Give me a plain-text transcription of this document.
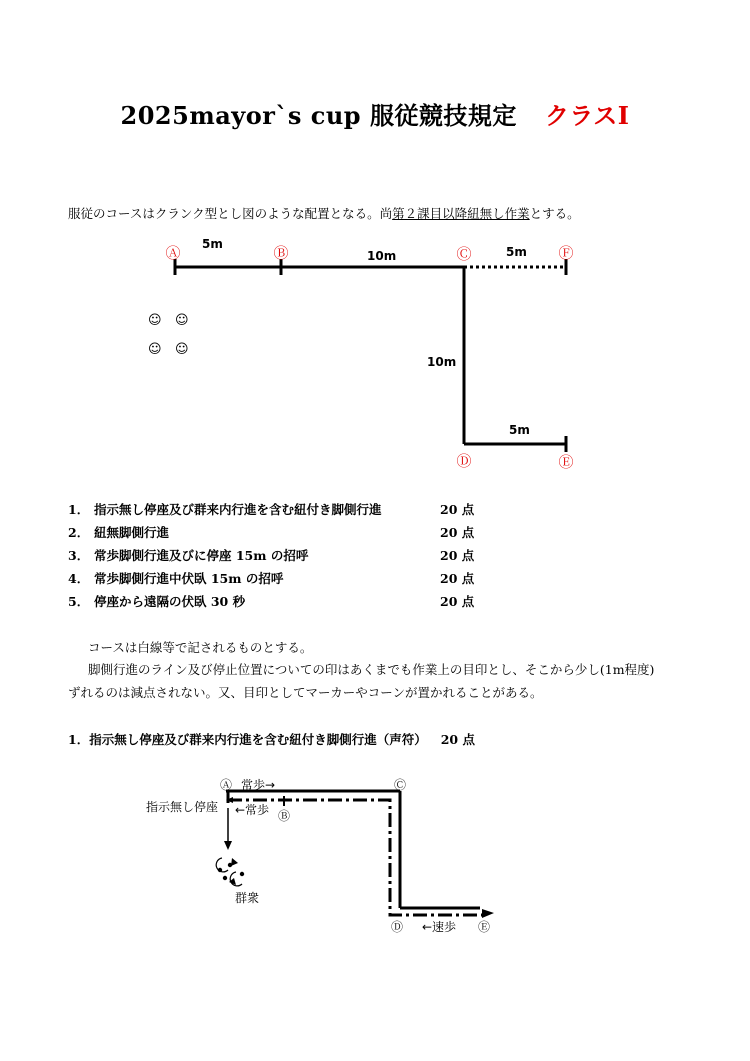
2025mayor`s cup 服従競技規定 クラスⅠ
服従のコースはクランク型とし図のような配置となる。尚第２課目以降紐無し作業とする。
Ⓐ	Ⓑ	Ⓒ	Ⓕ
Ⓓ	Ⓔ
5m
10m	5m
10m
5m
☺ ☺
☺ ☺
1． 指示無し停座及び群来内行進を含む紐付き脚側行進	20 点
2． 紐無脚側行進	20 点
3． 常歩脚側行進及びに停座 15m の招呼	20 点
4． 常歩脚側行進中伏臥 15m の招呼	20 点
5． 停座から遠隔の伏臥 30 秒	20 点
コースは白線等で記されるものとする。
脚側行進のライン及び停止位置についての印はあくまでも作業上の目印とし、そこから少し(1m程度)
ずれるのは減点されない。又、目印としてマーカーやコーンが置かれることがある。
1．指示無し停座及び群来内行進を含む紐付き脚側行進（声符） 20 点
Ⓐ	Ⓒ
Ⓑ
Ⓓ	Ⓔ
常歩→
←常歩
指示無し停座
群衆
←速歩
